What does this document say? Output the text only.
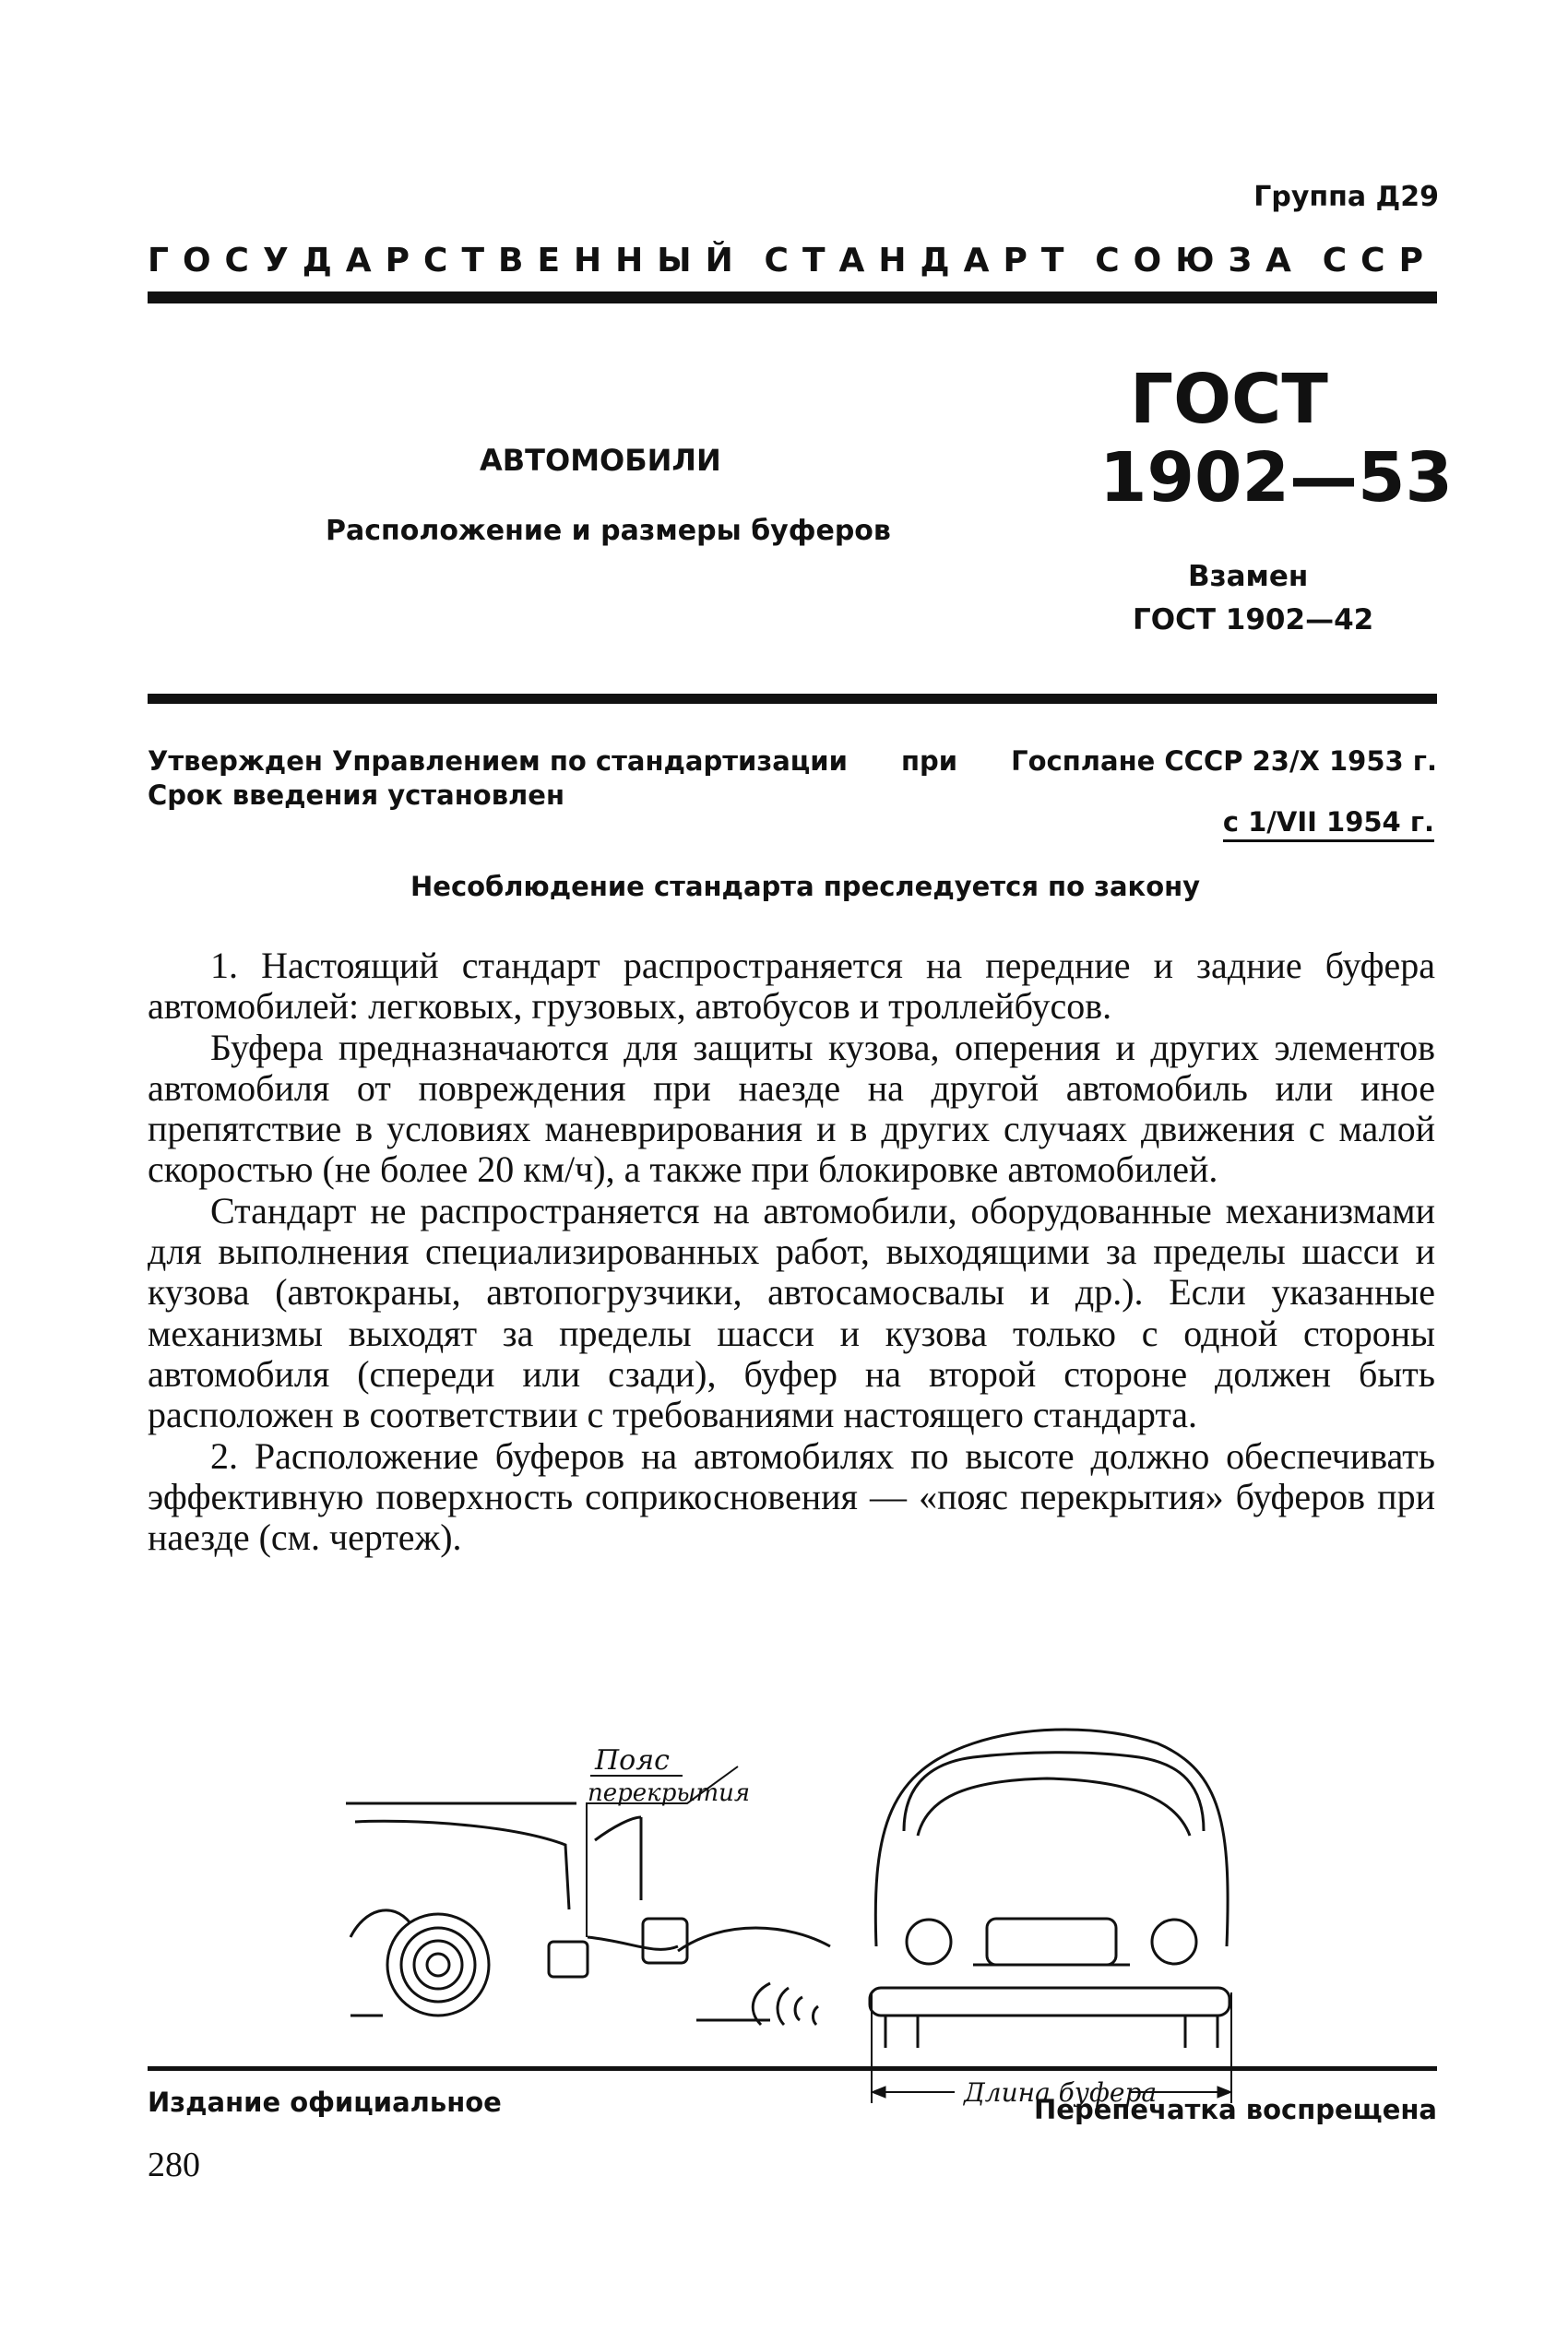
Группа Д29
ГОСУДАРСТВЕННЫЙ СТАНДАРТ СОЮЗА ССР
АВТОМОБИЛИ
Расположение и размеры буферов
ГОСТ
1902—53
Взамен
ГОСТ 1902—42
Утвержден Управлением по стандартизации при Госплане СССР 23/X 1953 г.
Срок введения установлен
с 1/VII 1954 г.
Несоблюдение стандарта преследуется по закону

1. Настоящий стандарт распространяется на передние и задние буфера автомобилей: легковых, грузовых, автобусов и троллейбусов.

Буфера предназначаются для защиты кузова, оперения и других элементов автомобиля от повреждения при наезде на другой автомобиль или иное препятствие в условиях маневрирования и в других случаях движения с малой скоростью (не более 20 км/ч), а также при блокировке автомобилей.

Стандарт не распространяется на автомобили, оборудованные механизмами для выполнения специализированных работ, выходящими за пределы шасси и кузова (автокраны, автопогрузчики, автосамосвалы и др.). Если указанные механизмы выходят за пределы шасси и кузова только с одной стороны автомобиля (спереди или сзади), буфер на второй стороне должен быть расположен в соответствии с требованиями настоящего стандарта.

2. Расположение буферов на автомобилях по высоте должно обеспечивать эффективную поверхность соприкосновения — «пояс перекрытия» буферов при наезде (см. чертеж).

Пояс
перекрытия
Длина буфера
Издание официальное	Перепечатка воспрещена
280
